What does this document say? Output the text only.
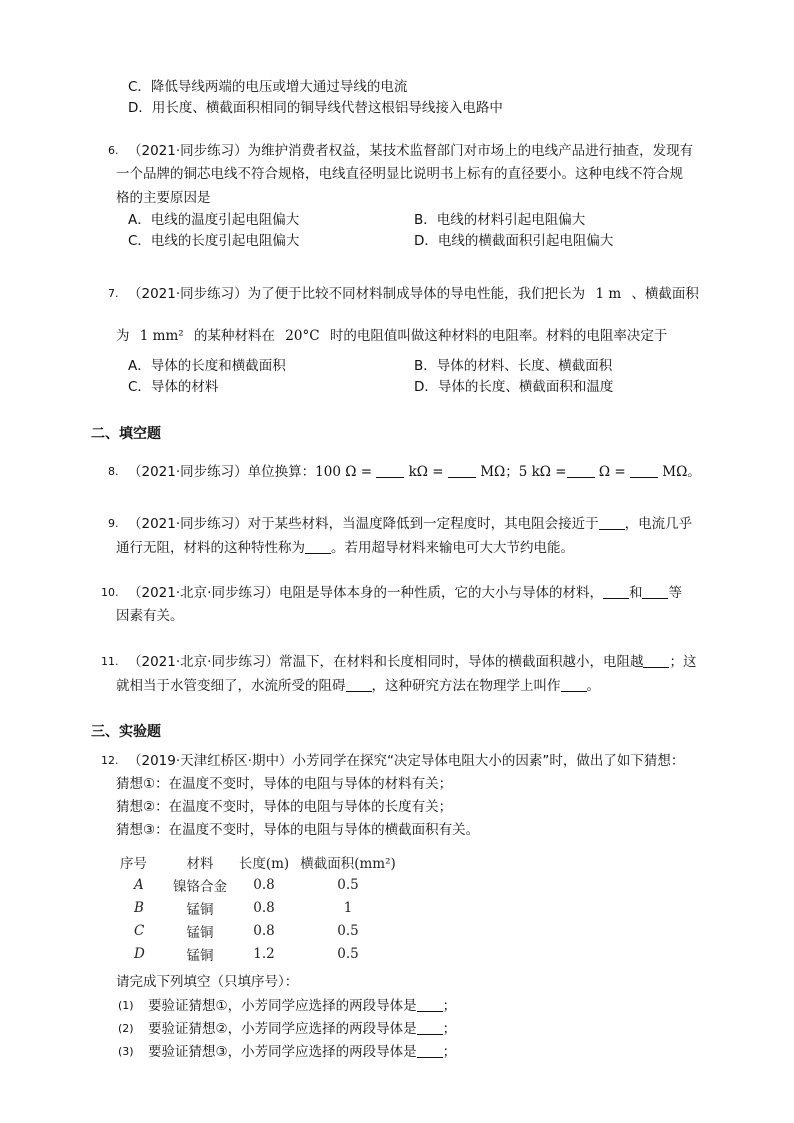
C．降低导线两端的电压或增大通过导线的电流
D．用长度、横截面积相同的铜导线代替这根铝导线接入电路中
6. （2021·同步练习）为维护消费者权益，某技术监督部门对市场上的电线产品进行抽查，发现有
一个品牌的铜芯电线不符合规格，电线直径明显比说明书上标有的直径要小。这种电线不符合规
格的主要原因是
A．电线的温度引起电阻偏大	B．电线的材料引起电阻偏大
C．电线的长度引起电阻偏大	D．电线的横截面积引起电阻偏大
7. （2021·同步练习）为了便于比较不同材料制成导体的导电性能，我们把长为 1 m 、横截面积
为 1 mm² 的某种材料在 20°C 时的电阻值叫做这种材料的电阻率。材料的电阻率决定于
A．导体的长度和横截面积	B．导体的材料、长度、横截面积
C．导体的材料	D．导体的长度、横截面积和温度
二、填空题
8. （2021·同步练习）单位换算：100 Ω =	kΩ =	MΩ；5 kΩ = Ω =	MΩ。
9. （2021·同步练习）对于某些材料，当温度降低到一定程度时，其电阻会接近于 ，电流几乎
通行无阻，材料的这种特性称为 。若用超导材料来输电可大大节约电能。
10. （2021·北京·同步练习）电阻是导体本身的一种性质，它的大小与导体的材料， 和 等
因素有关。
11. （2021·北京·同步练习）常温下，在材料和长度相同时，导体的横截面积越小，电阻越 ；这
就相当于水管变细了，水流所受的阻碍 ，这种研究方法在物理学上叫作 。
三、实验题
12. （2019·天津红桥区·期中）小芳同学在探究“决定导体电阻大小的因素”时，做出了如下猜想：
猜想①：在温度不变时，导体的电阻与导体的材料有关；
猜想②：在温度不变时，导体的电阻与导体的长度有关；
猜想③：在温度不变时，导体的电阻与导体的横截面积有关。
序号	材料	长度(m)	横截面积(mm²)
A	镍铬合金	0.8	0.5
B	锰铜	0.8	1
C	锰铜	0.8	0.5
D	锰铜	1.2	0.5
请完成下列填空（只填序号）：
(1) 要验证猜想①，小芳同学应选择的两段导体是 ；
(2) 要验证猜想②，小芳同学应选择的两段导体是 ；
(3) 要验证猜想③，小芳同学应选择的两段导体是 ；
